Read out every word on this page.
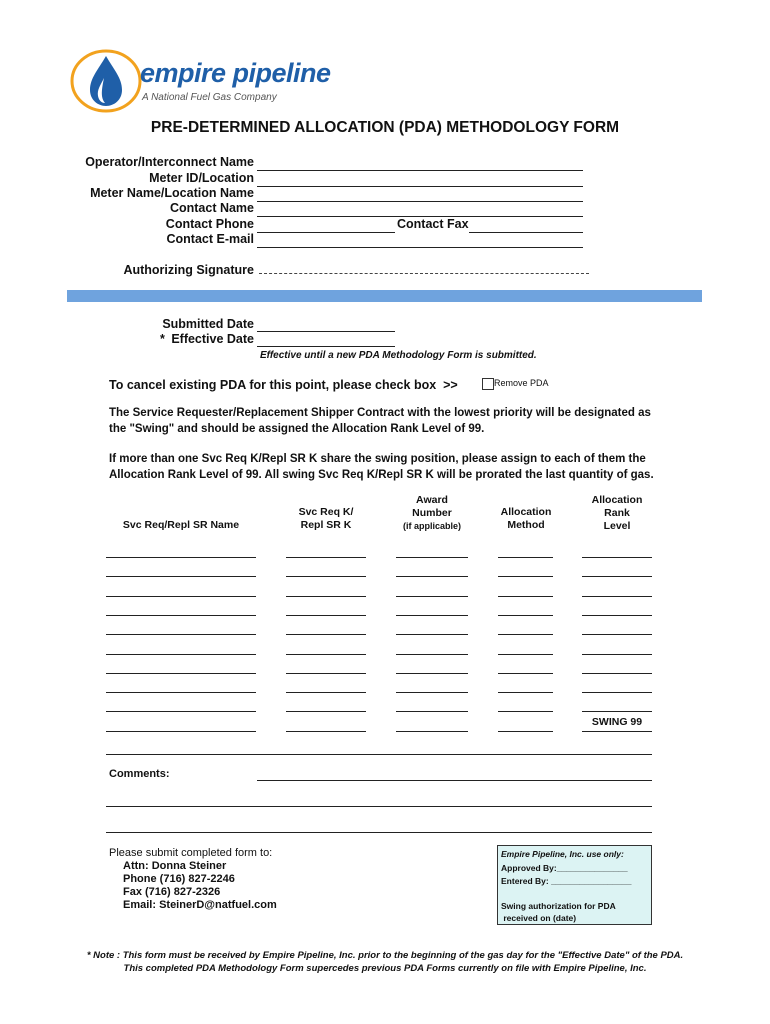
empire pipeline
A National Fuel Gas Company
PRE-DETERMINED ALLOCATION (PDA) METHODOLOGY FORM
Operator/Interconnect Name
Meter ID/Location
Meter Name/Location Name
Contact Name
Contact Phone	Contact Fax
Contact E-mail
Authorizing Signature
Submitted Date
* Effective Date
Effective until a new PDA Methodology Form is submitted.
To cancel existing PDA for this point, please check box  >>	Remove PDA
The Service Requester/Replacement Shipper Contract with the lowest priority will be designated as
the "Swing" and should be assigned the Allocation Rank Level of 99.
If more than one Svc Req K/Repl SR K share the swing position, please assign to each of them the
Allocation Rank Level of 99. All swing Svc Req K/Repl SR K will be prorated the last quantity of gas.
Svc Req/Repl SR Name
Svc Req K/
Repl SR K
Award
Number
(if applicable)
Allocation
Method
Allocation
Rank
Level
SWING 99
Comments:
Please submit completed form to:
Attn: Donna Steiner
Phone (716) 827-2246
Fax (716) 827-2326
Email: SteinerD@natfuel.com
Empire Pipeline, Inc. use only:
Approved By:_______________
Entered By: _________________
Swing authorization for PDA
received on (date)
* Note : This form must be received by Empire Pipeline, Inc. prior to the beginning of the gas day for the "Effective Date" of the PDA.
This completed PDA Methodology Form supercedes previous PDA Forms currently on file with Empire Pipeline, Inc.
